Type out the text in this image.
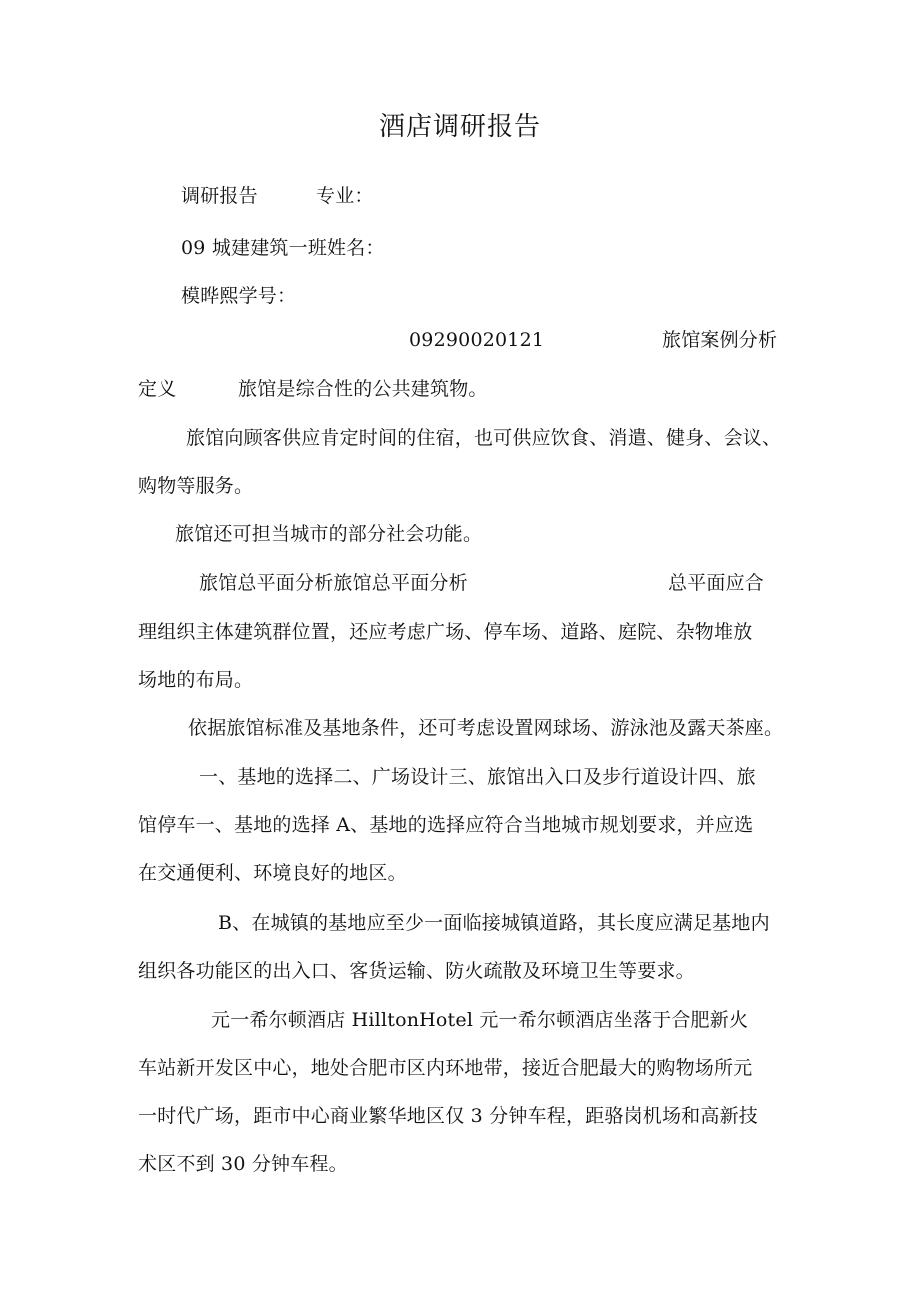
酒店调研报告
调研报告	专业：
09 城建建筑一班姓名：
模晔熙学号：
09290020121	旅馆案例分析
定义	旅馆是综合性的公共建筑物。
旅馆向顾客供应肯定时间的住宿，也可供应饮食、消遣、健身、会议、
购物等服务。
旅馆还可担当城市的部分社会功能。
旅馆总平面分析旅馆总平面分析	总平面应合
理组织主体建筑群位置，还应考虑广场、停车场、道路、庭院、杂物堆放
场地的布局。
依据旅馆标准及基地条件，还可考虑设置网球场、游泳池及露天茶座。
一、基地的选择二、广场设计三、旅馆出入口及步行道设计四、旅
馆停车一、基地的选择 A、基地的选择应符合当地城市规划要求，并应选
在交通便利、环境良好的地区。
B、在城镇的基地应至少一面临接城镇道路，其长度应满足基地内
组织各功能区的出入口、客货运输、防火疏散及环境卫生等要求。
元一希尔顿酒店 HilltonHotel 元一希尔顿酒店坐落于合肥新火
车站新开发区中心，地处合肥市区内环地带，接近合肥最大的购物场所元
一时代广场，距市中心商业繁华地区仅 3 分钟车程，距骆岗机场和高新技
术区不到 30 分钟车程。
